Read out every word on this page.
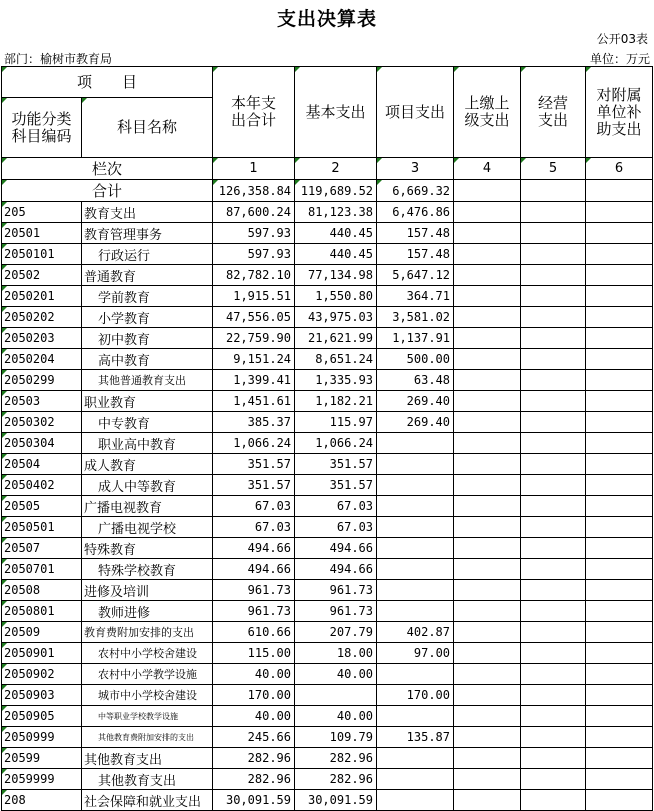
支出决算表
公开03表
部门：榆树市教育局	单位：万元
项　　目		本年支出合计	基本支出	项目支出	上缴上级支出	经营支出	对附属单位补助支出
功能分类科目编码	科目名称						
栏次		1	2	3	4	5	6
合计		126,358.84	119,689.52	6,669.32			
205	教育支出	87,600.24	81,123.38	6,476.86			
20501	教育管理事务	597.93	440.45	157.48			
2050101	行政运行	597.93	440.45	157.48			
20502	普通教育	82,782.10	77,134.98	5,647.12			
2050201	学前教育	1,915.51	1,550.80	364.71			
2050202	小学教育	47,556.05	43,975.03	3,581.02			
2050203	初中教育	22,759.90	21,621.99	1,137.91			
2050204	高中教育	9,151.24	8,651.24	500.00			
2050299	其他普通教育支出	1,399.41	1,335.93	63.48			
20503	职业教育	1,451.61	1,182.21	269.40			
2050302	中专教育	385.37	115.97	269.40			
2050304	职业高中教育	1,066.24	1,066.24				
20504	成人教育	351.57	351.57				
2050402	成人中等教育	351.57	351.57				
20505	广播电视教育	67.03	67.03				
2050501	广播电视学校	67.03	67.03				
20507	特殊教育	494.66	494.66				
2050701	特殊学校教育	494.66	494.66				
20508	进修及培训	961.73	961.73				
2050801	教师进修	961.73	961.73				
20509	教育费附加安排的支出	610.66	207.79	402.87			
2050901	农村中小学校舍建设	115.00	18.00	97.00			
2050902	农村中小学教学设施	40.00	40.00				
2050903	城市中小学校舍建设	170.00		170.00			
2050905	中等职业学校教学设施	40.00	40.00				
2050999	其他教育费附加安排的支出	245.66	109.79	135.87			
20599	其他教育支出	282.96	282.96				
2059999	其他教育支出	282.96	282.96				
208	社会保障和就业支出	30,091.59	30,091.59				
